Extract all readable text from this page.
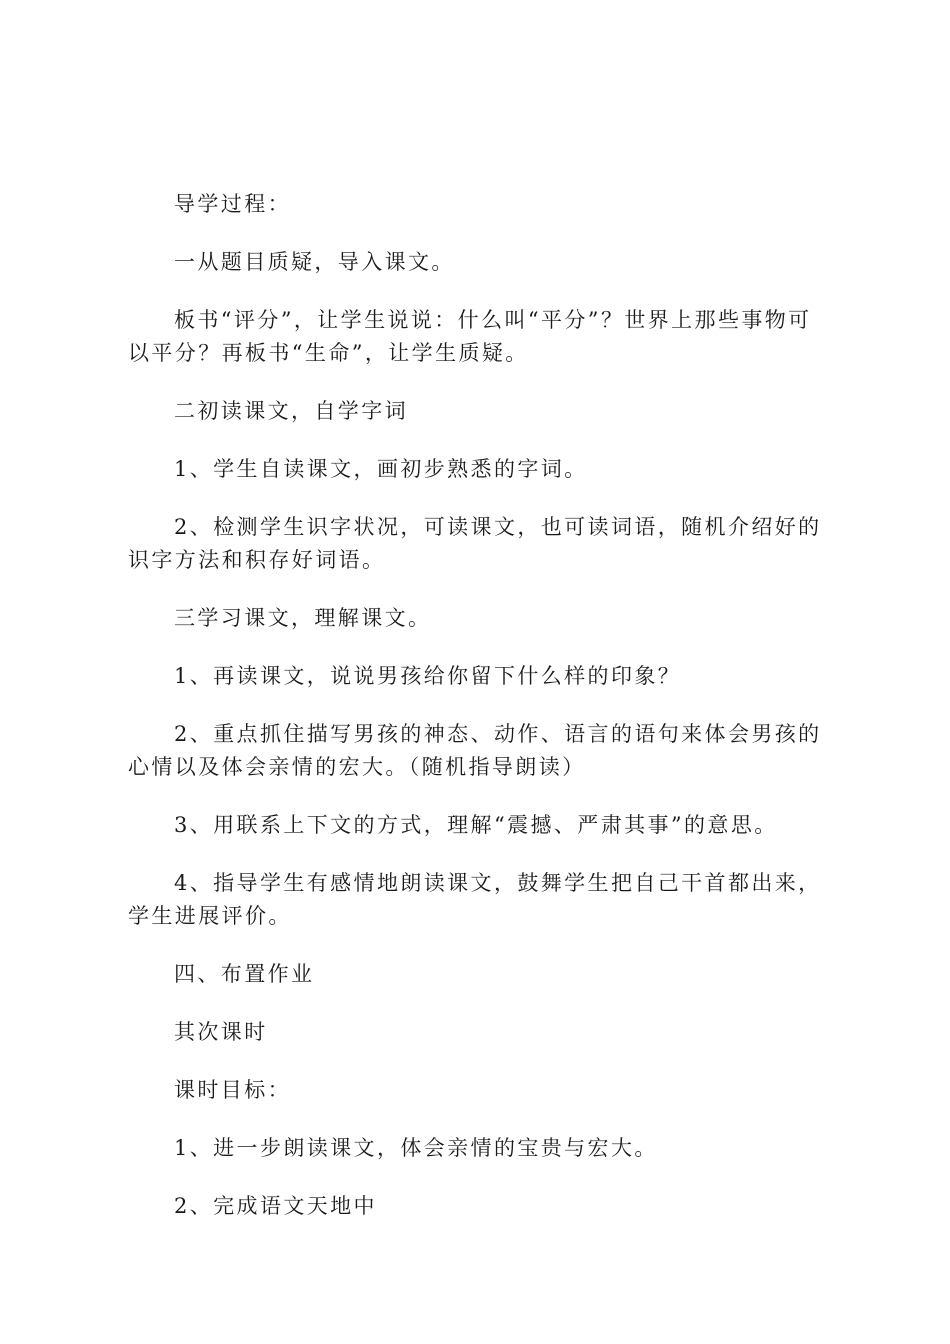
导学过程：

一从题目质疑，导入课文。

板书“评分”，让学生说说：什么叫“平分”？世界上那些事物可以平分？再板书“生命”，让学生质疑。

二初读课文，自学字词

1、学生自读课文，画初步熟悉的字词。

2、检测学生识字状况，可读课文，也可读词语，随机介绍好的识字方法和积存好词语。

三学习课文，理解课文。

1、再读课文，说说男孩给你留下什么样的印象？

2、重点抓住描写男孩的神态、动作、语言的语句来体会男孩的心情以及体会亲情的宏大。（随机指导朗读）

3、用联系上下文的方式，理解“震撼、严肃其事”的意思。

4、指导学生有感情地朗读课文，鼓舞学生把自己干首都出来，学生进展评价。

四、布置作业

其次课时

课时目标：

1、进一步朗读课文，体会亲情的宝贵与宏大。

2、完成语文天地中
